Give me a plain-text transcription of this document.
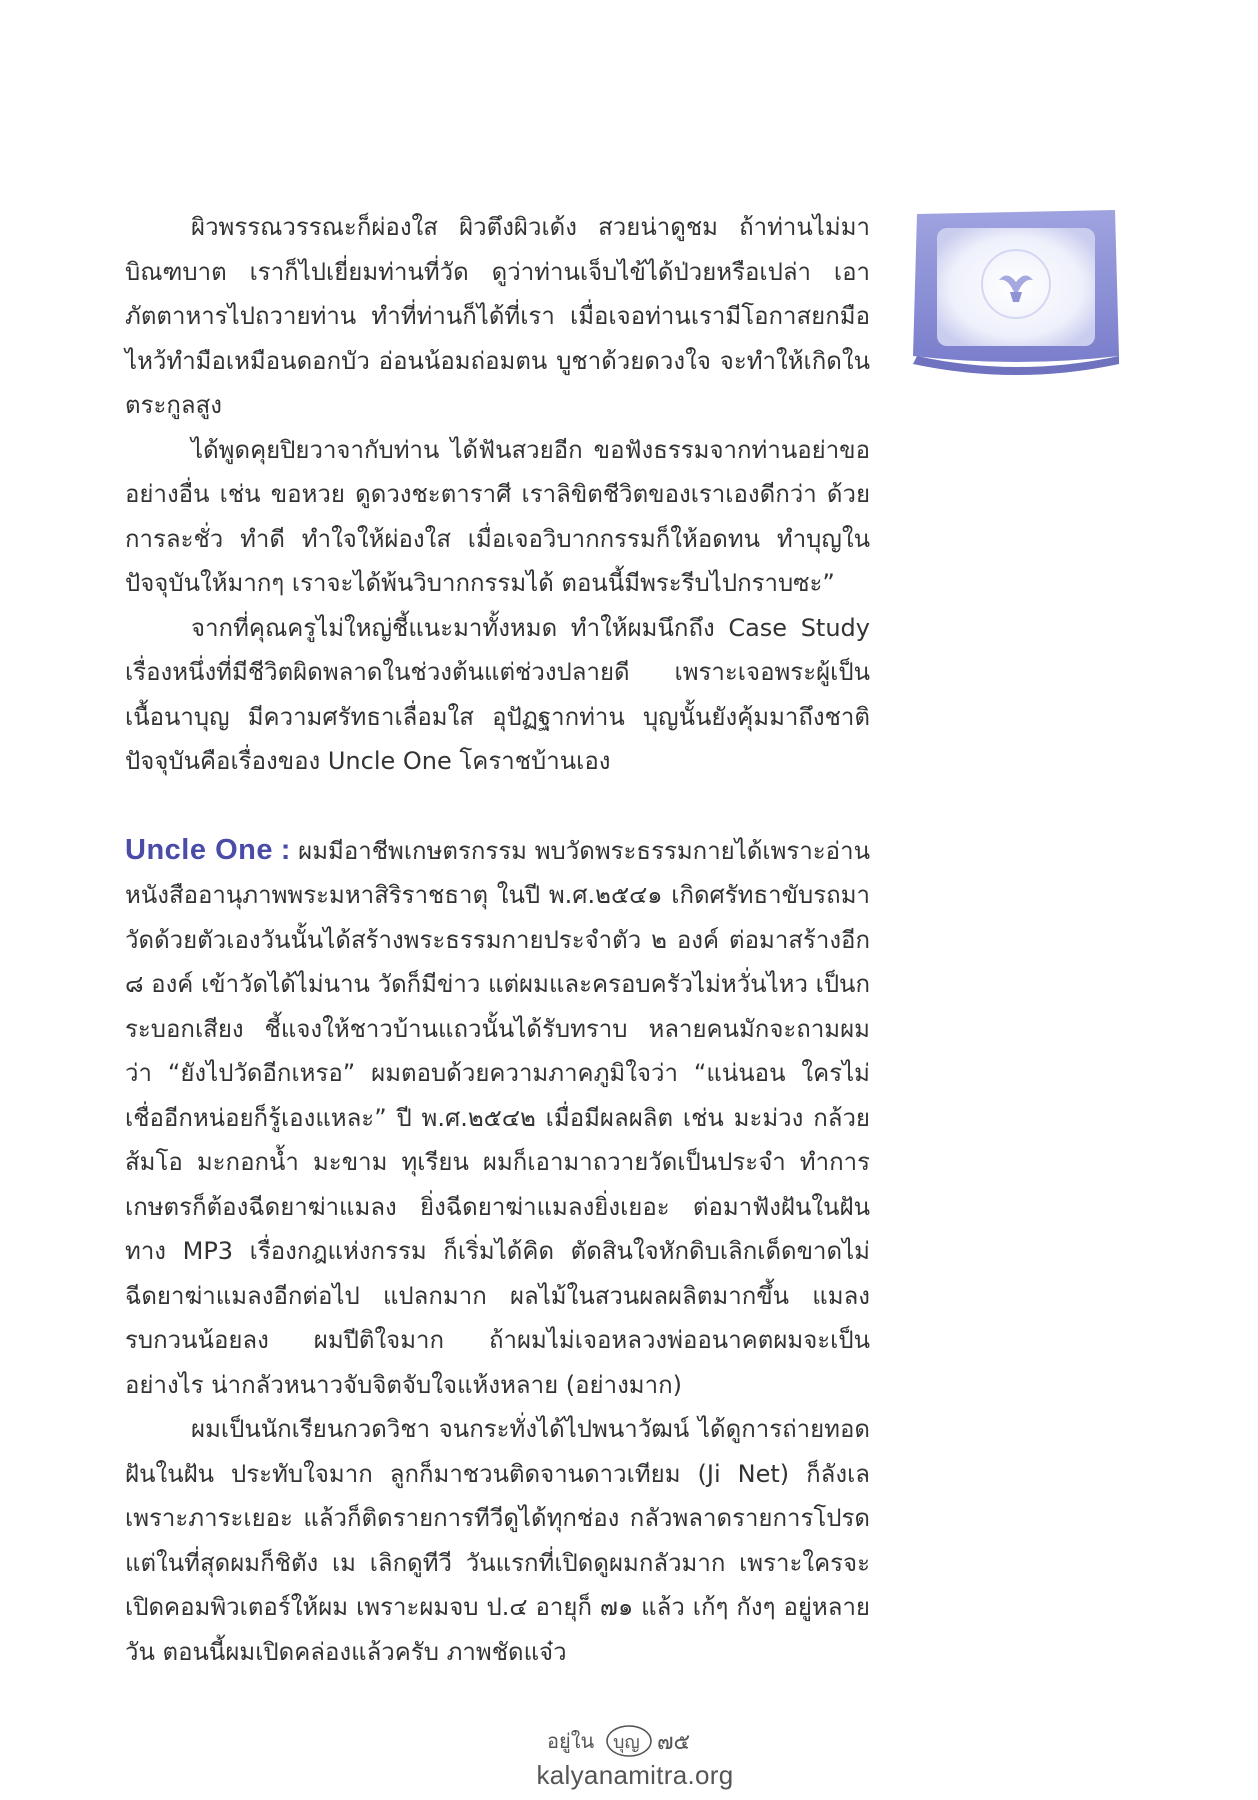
ผิวพรรณวรรณะก็ผ่องใส ผิวตึงผิวเด้ง สวยน่าดูชม ถ้าท่านไม่มาบิณฑบาต เราก็ไปเยี่ยมท่านที่วัด ดูว่าท่านเจ็บไข้ได้ป่วยหรือเปล่า เอาภัตตาหารไปถวายท่าน ทำที่ท่านก็ได้ที่เรา เมื่อเจอท่านเรามีโอกาสยกมือไหว้ทำมือเหมือนดอกบัว อ่อนน้อมถ่อมตน บูชาด้วยดวงใจ จะทำให้เกิดในตระกูลสูง

ได้พูดคุยปิยวาจากับท่าน ได้ฟันสวยอีก ขอฟังธรรมจากท่านอย่าขออย่างอื่น เช่น ขอหวย ดูดวงชะตาราศี เราลิขิตชีวิตของเราเองดีกว่า ด้วยการละชั่ว ทำดี ทำใจให้ผ่องใส เมื่อเจอวิบากกรรมก็ให้อดทน ทำบุญในปัจจุบันให้มากๆ เราจะได้พ้นวิบากกรรมได้ ตอนนี้มีพระรีบไปกราบซะ”

จากที่คุณครูไม่ใหญ่ชี้แนะมาทั้งหมด ทำให้ผมนึกถึง Case Study เรื่องหนึ่งที่มีชีวิตผิดพลาดในช่วงต้นแต่ช่วงปลายดี เพราะเจอพระผู้เป็นเนื้อนาบุญ มีความศรัทธาเลื่อมใส อุปัฏฐากท่าน บุญนั้นยังคุ้มมาถึงชาติปัจจุบันคือเรื่องของ Uncle One โคราชบ้านเอง

Uncle One : ผมมีอาชีพเกษตรกรรม พบวัดพระธรรมกายได้เพราะอ่านหนังสืออานุภาพพระมหาสิริราชธาตุ ในปี พ.ศ.๒๕๔๑ เกิดศรัทธาขับรถมาวัดด้วยตัวเองวันนั้นได้สร้างพระธรรมกายประจำตัว ๒ องค์ ต่อมาสร้างอีก ๘ องค์ เข้าวัดได้ไม่นาน วัดก็มีข่าว แต่ผมและครอบครัวไม่หวั่นไหว เป็นกระบอกเสียง ชี้แจงให้ชาวบ้านแถวนั้นได้รับทราบ หลายคนมักจะถามผมว่า “ยังไปวัดอีกเหรอ” ผมตอบด้วยความภาคภูมิใจว่า “แน่นอน ใครไม่เชื่ออีกหน่อยก็รู้เองแหละ” ปี พ.ศ.๒๕๔๒ เมื่อมีผลผลิต เช่น มะม่วง กล้วยส้มโอ มะกอกน้ำ มะขาม ทุเรียน ผมก็เอามาถวายวัดเป็นประจำ ทำการเกษตรก็ต้องฉีดยาฆ่าแมลง ยิ่งฉีดยาฆ่าแมลงยิ่งเยอะ ต่อมาฟังฝันในฝันทาง MP3 เรื่องกฎแห่งกรรม ก็เริ่มได้คิด ตัดสินใจหักดิบเลิกเด็ดขาดไม่ฉีดยาฆ่าแมลงอีกต่อไป แปลกมาก ผลไม้ในสวนผลผลิตมากขึ้น แมลงรบกวนน้อยลง ผมปีติใจมาก ถ้าผมไม่เจอหลวงพ่ออนาคตผมจะเป็นอย่างไร น่ากลัวหนาวจับจิตจับใจแห้งหลาย (อย่างมาก)

ผมเป็นนักเรียนกวดวิชา จนกระทั่งได้ไปพนาวัฒน์ ได้ดูการถ่ายทอดฝันในฝัน ประทับใจมาก ลูกก็มาชวนติดจานดาวเทียม (Ji Net) ก็ลังเลเพราะภาระเยอะ แล้วก็ติดรายการทีวีดูได้ทุกช่อง กลัวพลาดรายการโปรดแต่ในที่สุดผมก็ชิตัง เม เลิกดูทีวี วันแรกที่เปิดดูผมกลัวมาก เพราะใครจะเปิดคอมพิวเตอร์ให้ผม เพราะผมจบ ป.๔ อายุก็ ๗๑ แล้ว เก้ๆ กังๆ อยู่หลายวัน ตอนนี้ผมเปิดคล่องแล้วครับ ภาพชัดแจ๋ว

อยู่ใน บุญ ๗๕
kalyanamitra.org
